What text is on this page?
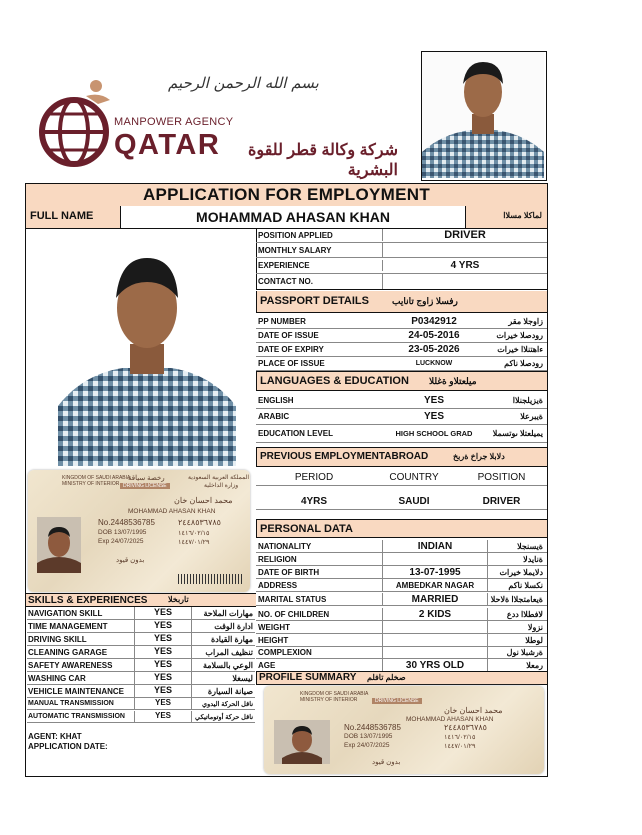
بسم الله الرحمن الرحيم
MANPOWER AGENCY
QATAR	شركة وكالة قطر للقوة البشرية
APPLICATION FOR EMPLOYMENT
FULL NAME	MOHAMMAD AHASAN KHAN	لماكلا مسلاا
POSITION APPLIED	DRIVER
MONTHLY SALARY
EXPERIENCE	4 YRS
CONTACT NO.
PASSPORT DETAILS	رفسلا زاوج تانايب
PP NUMBER	P0342912	زاوجلا مقر
DATE OF ISSUE	24-05-2016	رودصلا خيرات
DATE OF EXPIRY	23-05-2026	ءاهتنلاا خيرات
PLACE OF ISSUE	LUCKNOW	رودصلا ناكم
LANGUAGES & EDUCATION ميلعتلاو ةغللا
ENGLISH	YES	ةيزيلجنلاا
ARABIC	YES	ةيبرعلا
EDUCATION LEVEL	HIGH SCHOOL GRAD	يميلعتلا ىوتسملا
PREVIOUS EMPLOYMENTABROAD	دلابلا جراخ ةربخ
PERIOD	COUNTRY	POSITION
4YRS	SAUDI	DRIVER
PERSONAL DATA
NATIONALITY	INDIAN	ةيسنجلا
RELIGION	ةنايدلا
DATE OF BIRTH	13-07-1995	دلايملا خيرات
ADDRESS	AMBEDKAR NAGAR	نكسلا ناكم
MARITAL STATUS	MARRIED	ةيعامتجلاا ةلاحلا
NO. OF CHILDREN	2 KIDS	لافطلاا ددع
WEIGHT	نزولا
HEIGHT	لوطلا
COMPLEXION	ةرشبلا نول
AGE	30 YRS OLD	رمعلا
KINGDOM OF SAUDI ARABIA
MINISTRY OF INTERIOR DRIVING LICENSE
رخصة سياقة	المملكة العربية السعودية
وزارة الداخلية
محمد احسان خان
MOHAMMAD AHASAN KHAN
No.2448536785	٢٤٤٨٥٣٦٧٨٥
DOB 13/07/1995	١٤١٦/٠٢/١٥
Exp 24/07/2025	١٤٤٧/٠١/٢٩
بدون قيود
SKILLS & EXPERIENCES	تاربخلا
NAVIGATION SKILL	YES	مهارات الملاحة
TIME MANAGEMENT	YES	ادارة الوقت
DRIVING SKILL	YES	مهارة القيادة
CLEANING GARAGE	YES	تنظيف المراب
SAFETY AWARENESS	YES	الوعي بالسلامة
WASHING CAR	YES	ليسغلا
VEHICLE MAINTENANCE	YES	صيانة السيارة
MANUAL TRANSMISSION	YES	ناقل الحركة اليدوي
AUTOMATIC TRANSMISSION	YES	ناقل حركة أوتوماتيكي
PROFILE SUMMARY صخلم تافلم
KINGDOM OF SAUDI ARABIA
MINISTRY OF INTERIOR	DRIVING LICENSE
محمد احسان خان
MOHAMMAD AHASAN KHAN
No.2448536785	٢٤٤٨٥٣٦٧٨٥
DOB 13/07/1995	١٤١٦/٠٢/١٥
Exp 24/07/2025	١٤٤٧/٠١/٢٩
بدون قيود
AGENT: KHAT
APPLICATION DATE:
